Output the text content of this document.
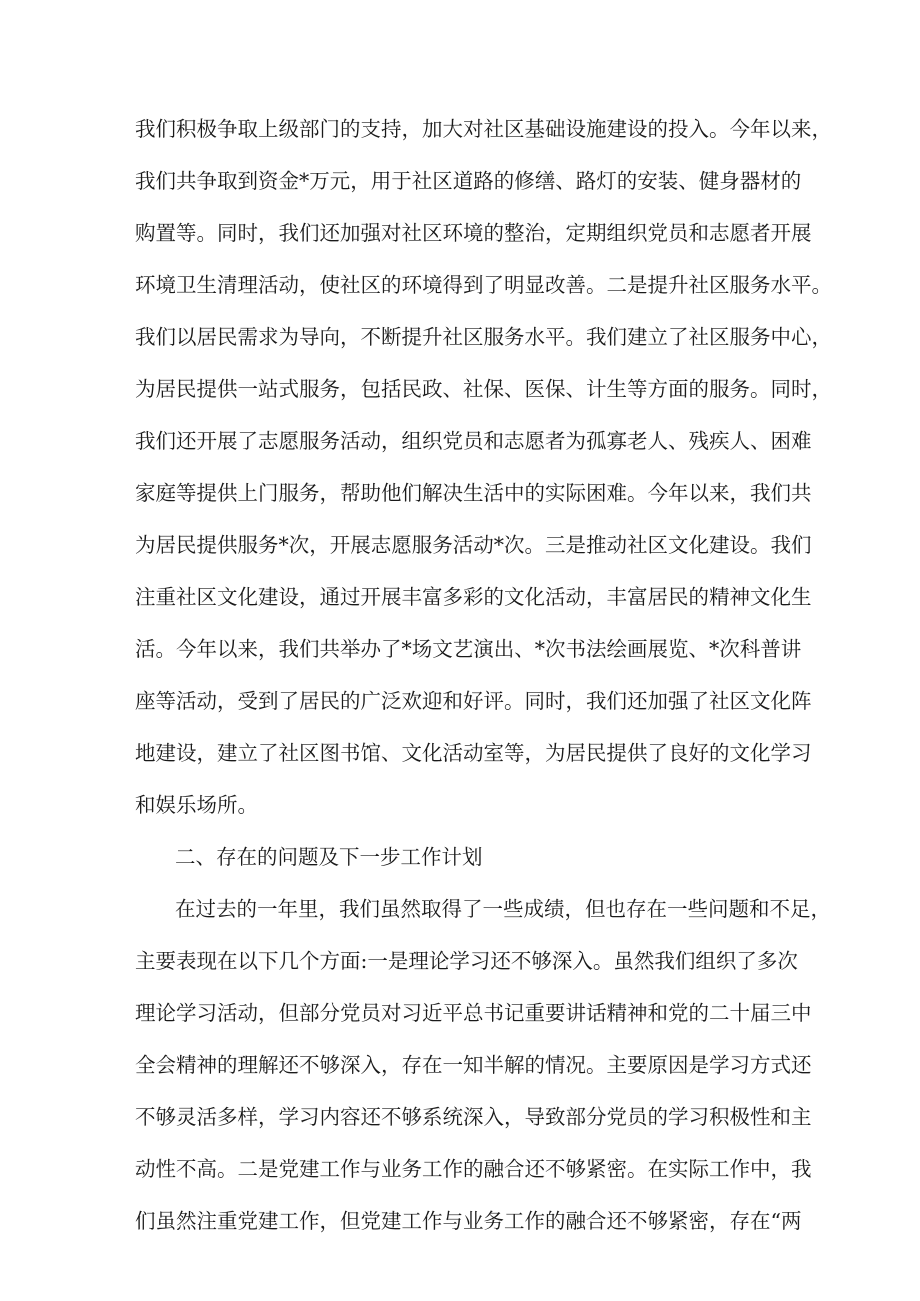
我们积极争取上级部门的支持，加大对社区基础设施建设的投入。今年以来，

我们共争取到资金*万元，用于社区道路的修缮、路灯的安装、健身器材的

购置等。同时，我们还加强对社区环境的整治，定期组织党员和志愿者开展

环境卫生清理活动，使社区的环境得到了明显改善。二是提升社区服务水平。

我们以居民需求为导向，不断提升社区服务水平。我们建立了社区服务中心，

为居民提供一站式服务，包括民政、社保、医保、计生等方面的服务。同时，

我们还开展了志愿服务活动，组织党员和志愿者为孤寡老人、残疾人、困难

家庭等提供上门服务，帮助他们解决生活中的实际困难。今年以来，我们共

为居民提供服务*次，开展志愿服务活动*次。三是推动社区文化建设。我们

注重社区文化建设，通过开展丰富多彩的文化活动，丰富居民的精神文化生

活。今年以来，我们共举办了*场文艺演出、*次书法绘画展览、*次科普讲

座等活动，受到了居民的广泛欢迎和好评。同时，我们还加强了社区文化阵

地建设，建立了社区图书馆、文化活动室等，为居民提供了良好的文化学习

和娱乐场所。

二、存在的问题及下一步工作计划

在过去的一年里，我们虽然取得了一些成绩，但也存在一些问题和不足，

主要表现在以下几个方面:一是理论学习还不够深入。虽然我们组织了多次

理论学习活动，但部分党员对习近平总书记重要讲话精神和党的二十届三中

全会精神的理解还不够深入，存在一知半解的情况。主要原因是学习方式还

不够灵活多样，学习内容还不够系统深入，导致部分党员的学习积极性和主

动性不高。二是党建工作与业务工作的融合还不够紧密。在实际工作中，我

们虽然注重党建工作，但党建工作与业务工作的融合还不够紧密，存在“两
